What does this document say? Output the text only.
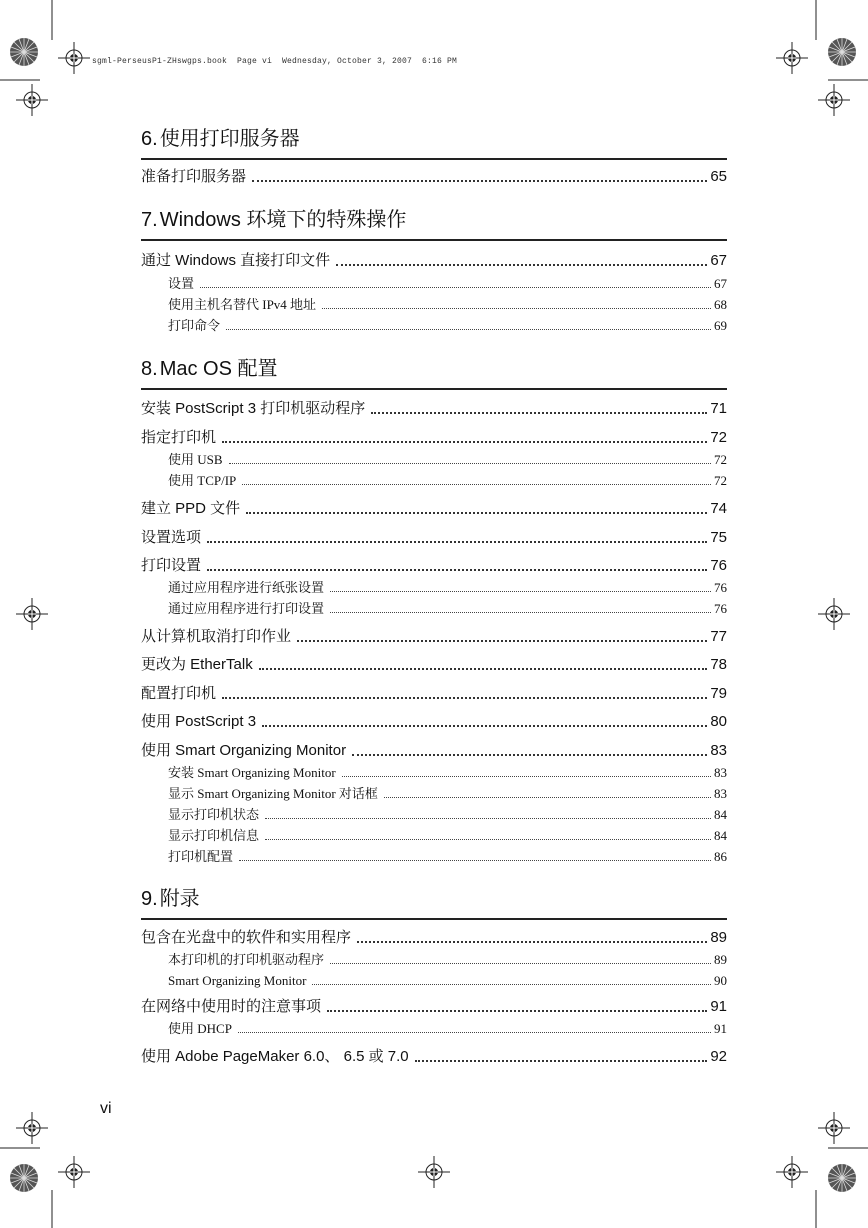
sgml-PerseusP1-ZHswgps.book  Page vi  Wednesday, October 3, 2007  6:16 PM
6. 使用打印服务器
准备打印服务器	65
7. Windows 环境下的特殊操作
通过 Windows 直接打印文件	67
设置	67
使用主机名替代 IPv4 地址	68
打印命令	69
8. Mac OS 配置
安装 PostScript 3 打印机驱动程序	71
指定打印机	72
使用 USB	72
使用 TCP/IP	72
建立 PPD 文件	74
设置选项	75
打印设置	76
通过应用程序进行纸张设置	76
通过应用程序进行打印设置	76
从计算机取消打印作业	77
更改为 EtherTalk	78
配置打印机	79
使用 PostScript 3	80
使用 Smart Organizing Monitor	83
安装 Smart Organizing Monitor	83
显示 Smart Organizing Monitor 对话框	83
显示打印机状态	84
显示打印机信息	84
打印机配置	86
9. 附录
包含在光盘中的软件和实用程序	89
本打印机的打印机驱动程序	89
Smart Organizing Monitor	90
在网络中使用时的注意事项	91
使用 DHCP	91
使用 Adobe PageMaker 6.0、 6.5 或 7.0	92
vi
